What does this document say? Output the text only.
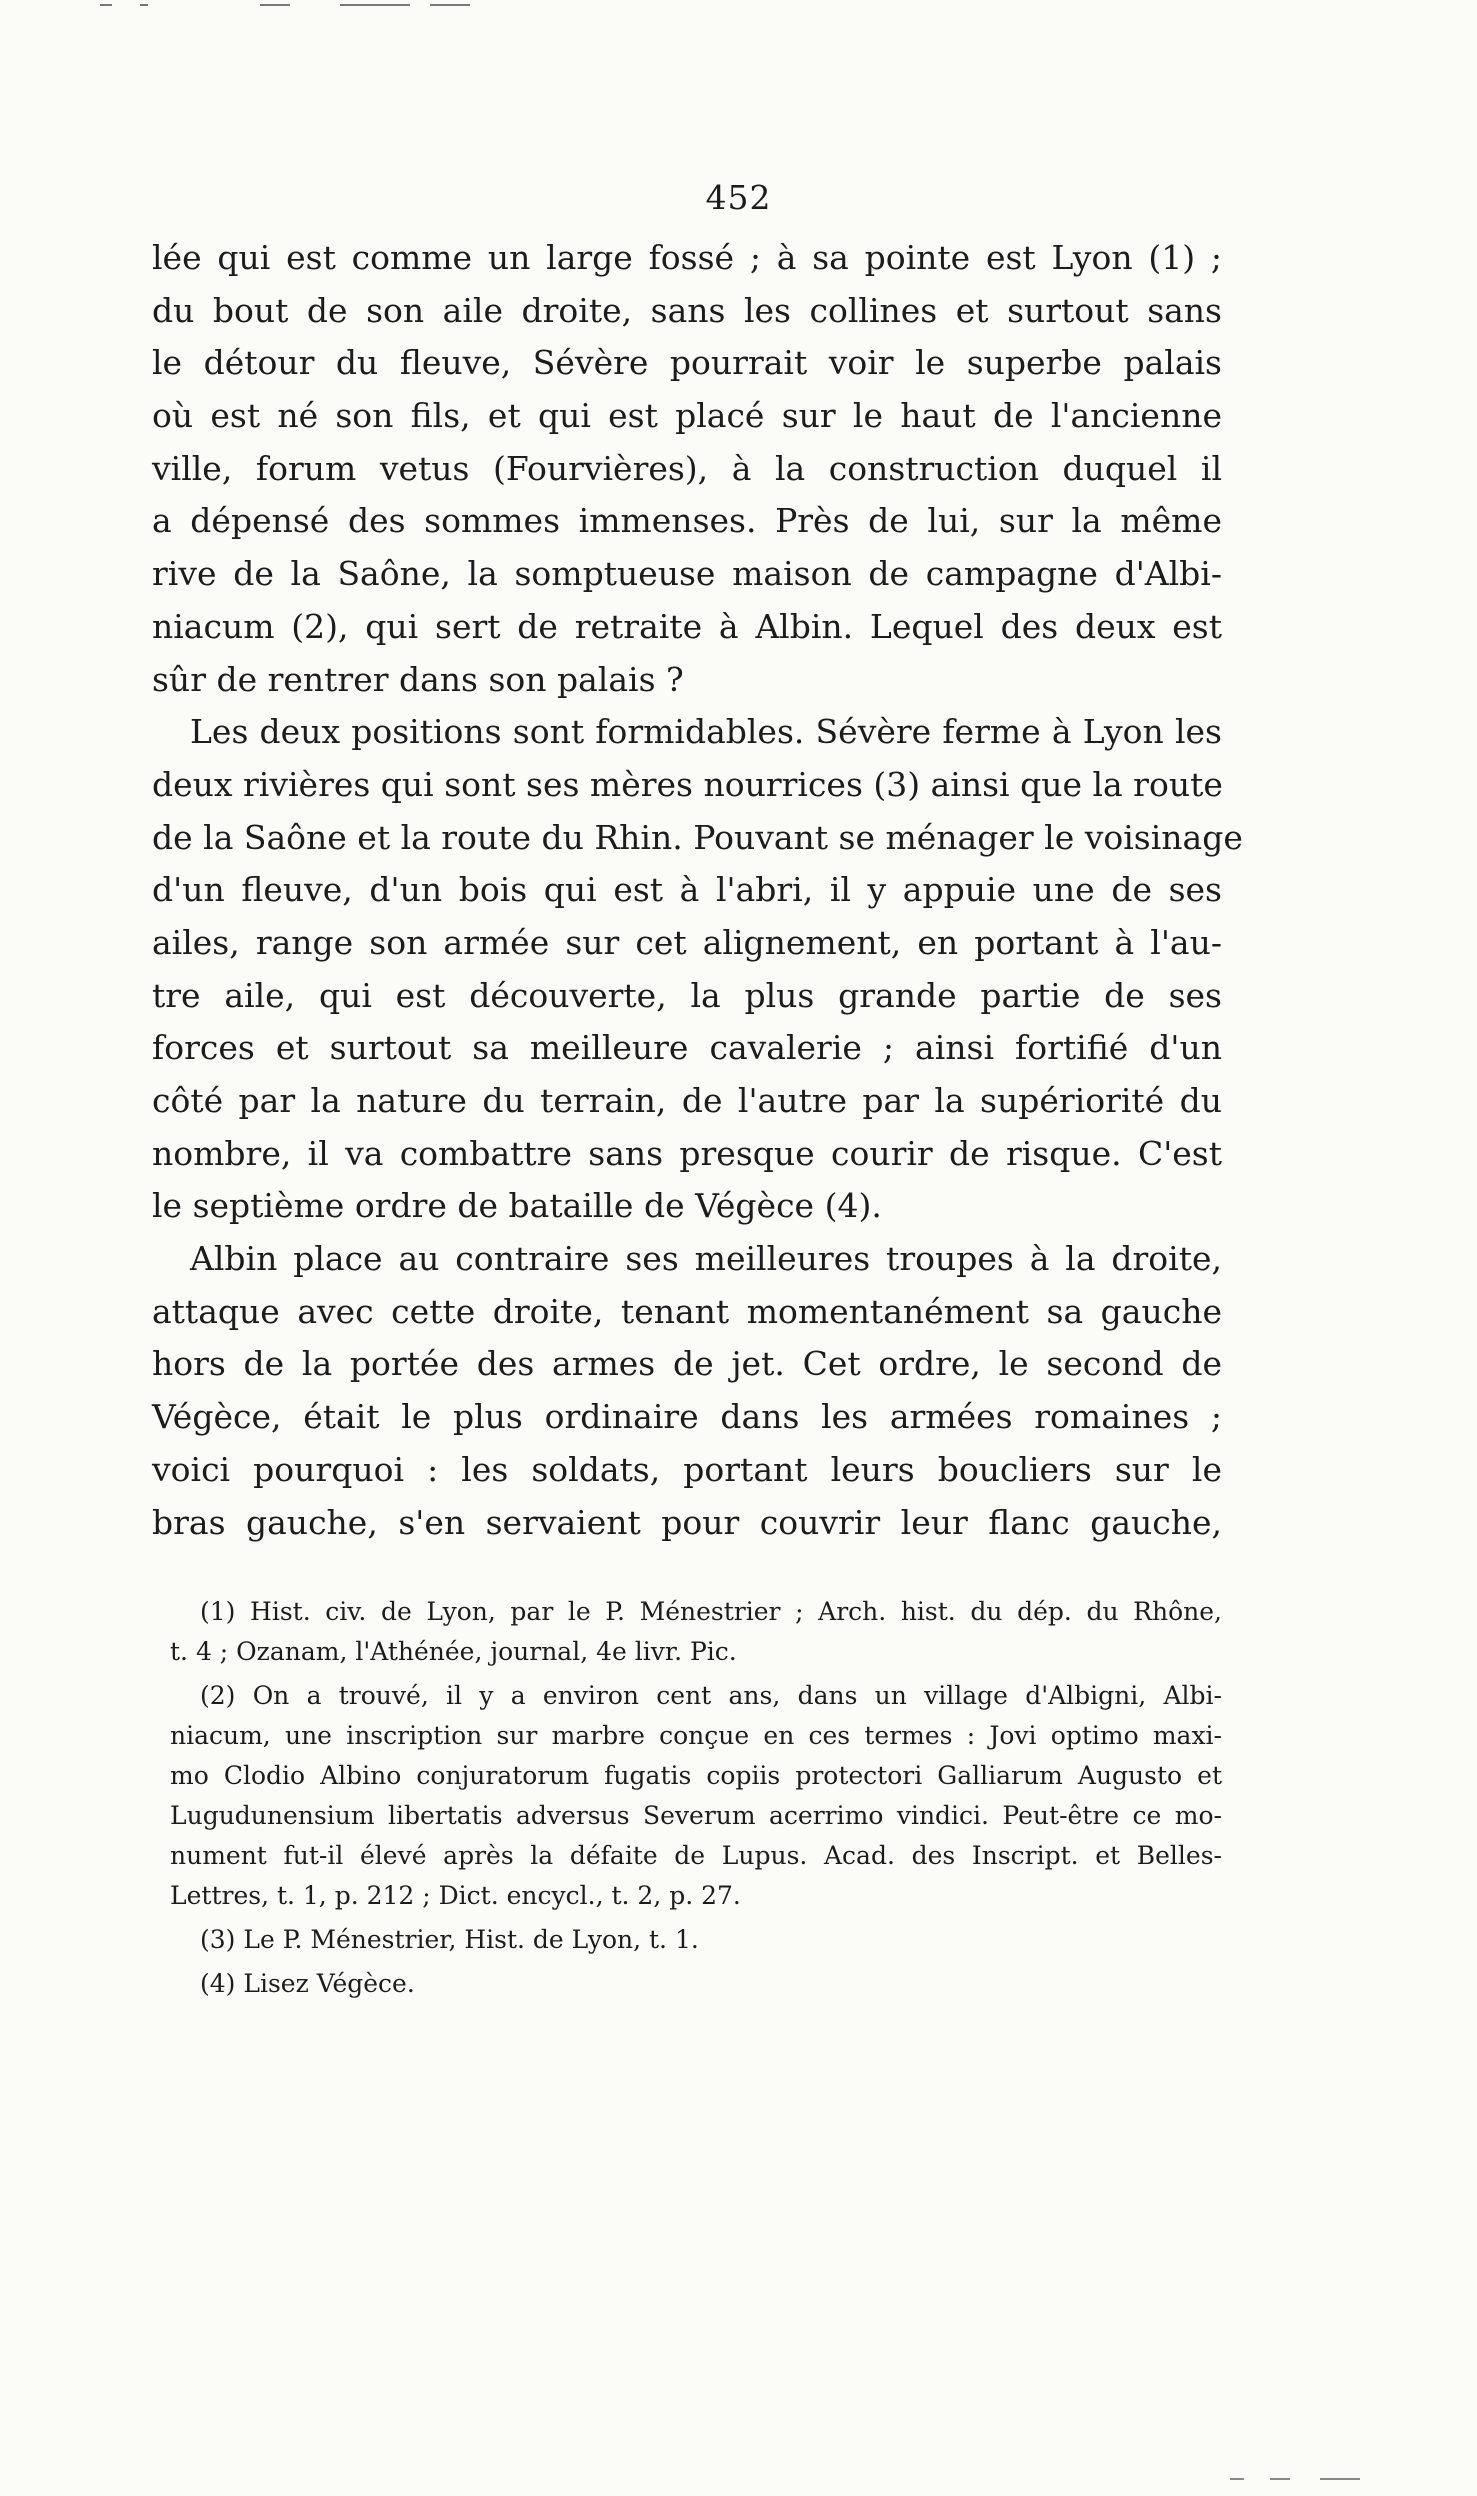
452
lée qui est comme un large fossé ; à sa pointe est Lyon (1) ;
du bout de son aile droite, sans les collines et surtout sans
le détour du fleuve, Sévère pourrait voir le superbe palais
où est né son fils, et qui est placé sur le haut de l'ancienne
ville, forum vetus (Fourvières), à la construction duquel il
a dépensé des sommes immenses. Près de lui, sur la même
rive de la Saône, la somptueuse maison de campagne d'Albi-
niacum (2), qui sert de retraite à Albin. Lequel des deux est
sûr de rentrer dans son palais ?
Les deux positions sont formidables. Sévère ferme à Lyon les
deux rivières qui sont ses mères nourrices (3) ainsi que la route
de la Saône et la route du Rhin. Pouvant se ménager le voisinage
d'un fleuve, d'un bois qui est à l'abri, il y appuie une de ses
ailes, range son armée sur cet alignement, en portant à l'au-
tre aile, qui est découverte, la plus grande partie de ses
forces et surtout sa meilleure cavalerie ; ainsi fortifié d'un
côté par la nature du terrain, de l'autre par la supériorité du
nombre, il va combattre sans presque courir de risque. C'est
le septième ordre de bataille de Végèce (4).
Albin place au contraire ses meilleures troupes à la droite,
attaque avec cette droite, tenant momentanément sa gauche
hors de la portée des armes de jet. Cet ordre, le second de
Végèce, était le plus ordinaire dans les armées romaines ;
voici pourquoi : les soldats, portant leurs boucliers sur le
bras gauche, s'en servaient pour couvrir leur flanc gauche,
(1) Hist. civ. de Lyon, par le P. Ménestrier ; Arch. hist. du dép. du Rhône,
t. 4 ; Ozanam, l'Athénée, journal, 4e livr. Pic.
(2) On a trouvé, il y a environ cent ans, dans un village d'Albigni, Albi-
niacum, une inscription sur marbre conçue en ces termes : Jovi optimo maxi-
mo Clodio Albino conjuratorum fugatis copiis protectori Galliarum Augusto et
Lugudunensium libertatis adversus Severum acerrimo vindici. Peut-être ce mo-
nument fut-il élevé après la défaite de Lupus. Acad. des Inscript. et Belles-
Lettres, t. 1, p. 212 ; Dict. encycl., t. 2, p. 27.
(3) Le P. Ménestrier, Hist. de Lyon, t. 1.
(4) Lisez Végèce.
